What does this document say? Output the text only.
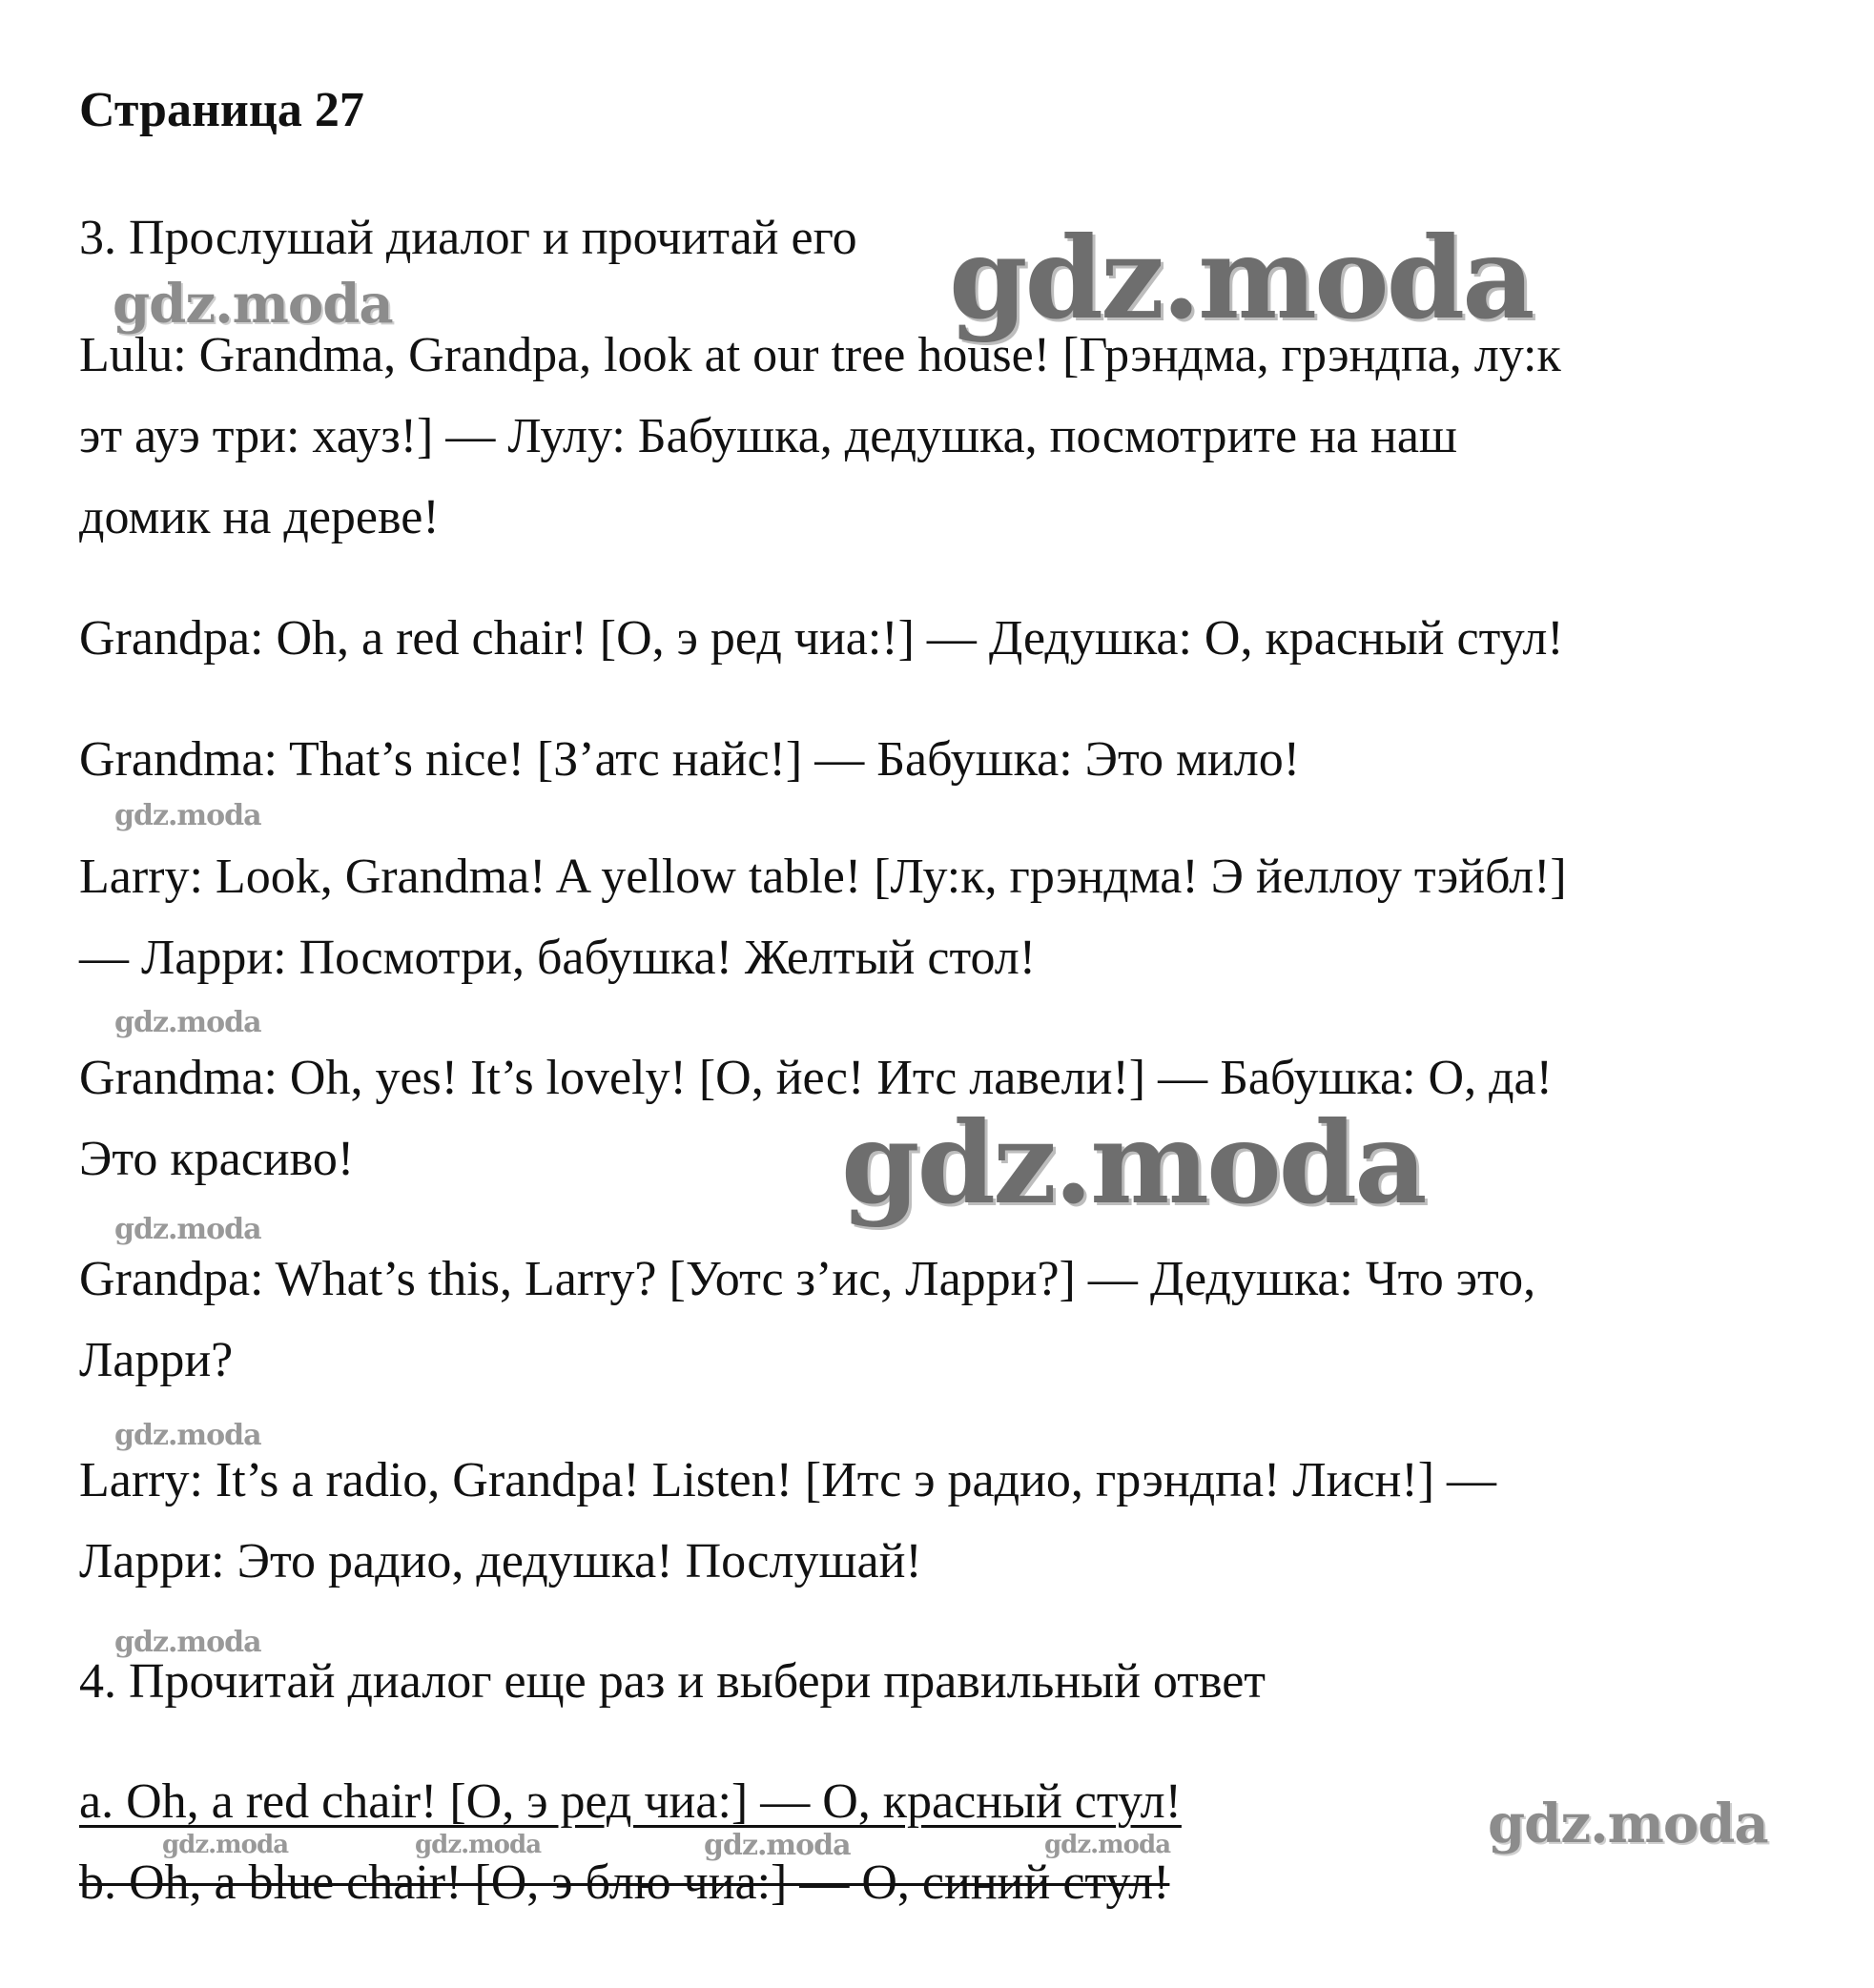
Страница 27
3. Прослушай диалог и прочитай его
Lulu: Grandma, Grandpa, look at our tree house! [Грэндма, грэндпа, лу:к
эт ауэ три: хауз!] — Лулу: Бабушка, дедушка, посмотрите на наш
домик на дереве!
Grandpa: Oh, a red chair! [О, э ред чиа:!] — Дедушка: О, красный стул!
Grandma: That’s nice! [З’атс найс!] — Бабушка: Это мило!
Larry: Look, Grandma! A yellow table! [Лу:к, грэндма! Э йеллоу тэйбл!]
— Ларри: Посмотри, бабушка! Желтый стол!
Grandma: Oh, yes! It’s lovely! [О, йес! Итс лавели!] — Бабушка: О, да!
Это красиво!
Grandpa: What’s this, Larry? [Уотс з’ис, Ларри?] — Дедушка: Что это,
Ларри?
Larry: It’s a radio, Grandpa! Listen! [Итс э радио, грэндпа! Лисн!] —
Ларри: Это радио, дедушка! Послушай!
4. Прочитай диалог еще раз и выбери правильный ответ
a. Oh, a red chair! [О, э ред чиа:] — О, красный стул!
b. Oh, a blue chair! [О, э блю чиа:] — О, синий стул!
gdz.moda
gdz.moda
gdz.moda
gdz.moda
gdz.moda
gdz.moda
gdz.moda
gdz.moda
gdz.moda
gdz.moda	gdz.moda	gdz.moda	gdz.moda
